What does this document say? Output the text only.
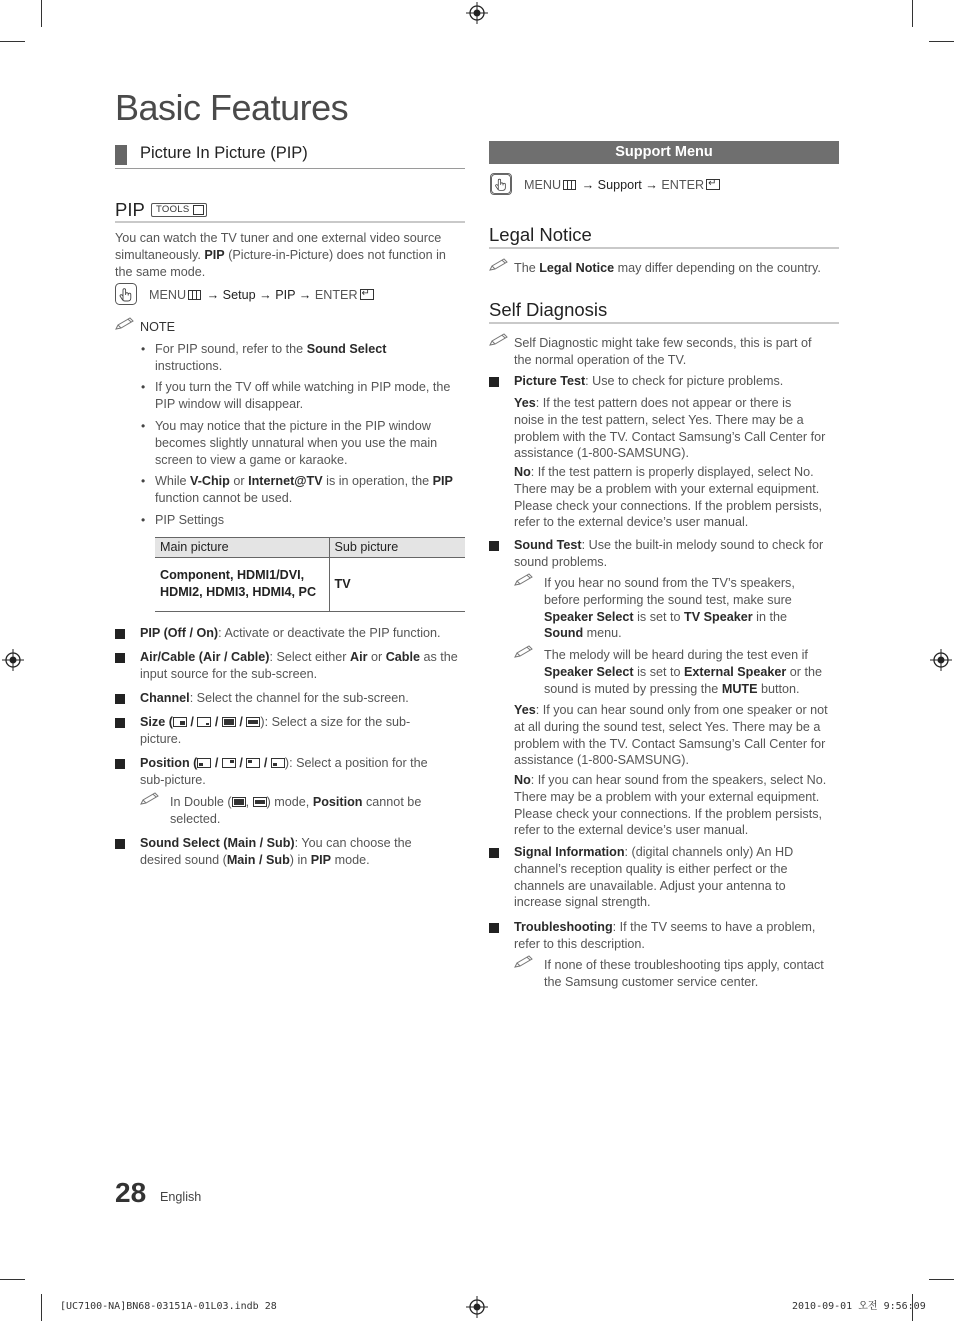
Basic Features
Picture In Picture (PIP)
PIP	TOOLS
You can watch the TV tuner and one external video source
simultaneously. PIP (Picture-in-Picture) does not function in
the same mode.
MENU → Setup → PIP → ENTER↵
NOTE
• For PIP sound, refer to the Sound Select
instructions.
• If you turn the TV off while watching in PIP mode, the
PIP window will disappear.
• You may notice that the picture in the PIP window
becomes slightly unnatural when you use the main
screen to view a game or karaoke.
• While V-Chip or Internet@TV is in operation, the PIP
function cannot be used.
• PIP Settings
Main picture	Sub picture
Component, HDMI1/DVI, HDMI2, HDMI3, HDMI4, PC	TV
PIP (Off / On): Activate or deactivate the PIP function.
Air/Cable (Air / Cable): Select either Air or Cable as the
input source for the sub-screen.
Channel: Select the channel for the sub-screen.
Size ( / / / ): Select a size for the sub-
picture.
Position ( / / / ): Select a position for the
sub-picture.
In Double ( ,
) mode, Position cannot be
selected.
Sound Select (Main / Sub): You can choose the
desired sound (Main / Sub) in PIP mode.
Support Menu
MENU → Support → ENTER↵
Legal Notice
The Legal Notice may differ depending on the country.
Self Diagnosis
Self Diagnostic might take few seconds, this is part of
the normal operation of the TV.
Picture Test: Use to check for picture problems.
Yes: If the test pattern does not appear or there is
noise in the test pattern, select Yes. There may be a
problem with the TV. Contact Samsung’s Call Center for
assistance (1-800-SAMSUNG).
No: If the test pattern is properly displayed, select No.
There may be a problem with your external equipment.
Please check your connections. If the problem persists,
refer to the external device’s user manual.
Sound Test: Use the built-in melody sound to check for
sound problems.
If you hear no sound from the TV’s speakers,
before performing the sound test, make sure
Speaker Select is set to TV Speaker in the
Sound menu.
The melody will be heard during the test even if
Speaker Select is set to External Speaker or the
sound is muted by pressing the MUTE button.
Yes: If you can hear sound only from one speaker or not
at all during the sound test, select Yes. There may be a
problem with the TV. Contact Samsung’s Call Center for
assistance (1-800-SAMSUNG).
No: If you can hear sound from the speakers, select No.
There may be a problem with your external equipment.
Please check your connections. If the problem persists,
refer to the external device’s user manual.
Signal Information: (digital channels only) An HD
channel’s reception quality is either perfect or the
channels are unavailable. Adjust your antenna to
increase signal strength.
Troubleshooting: If the TV seems to have a problem,
refer to this description.
If none of these troubleshooting tips apply, contact
the Samsung customer service center.
28 English
[UC7100-NA]BN68-03151A-01L03.indb 28	2010-09-01 오전 9:56:09
